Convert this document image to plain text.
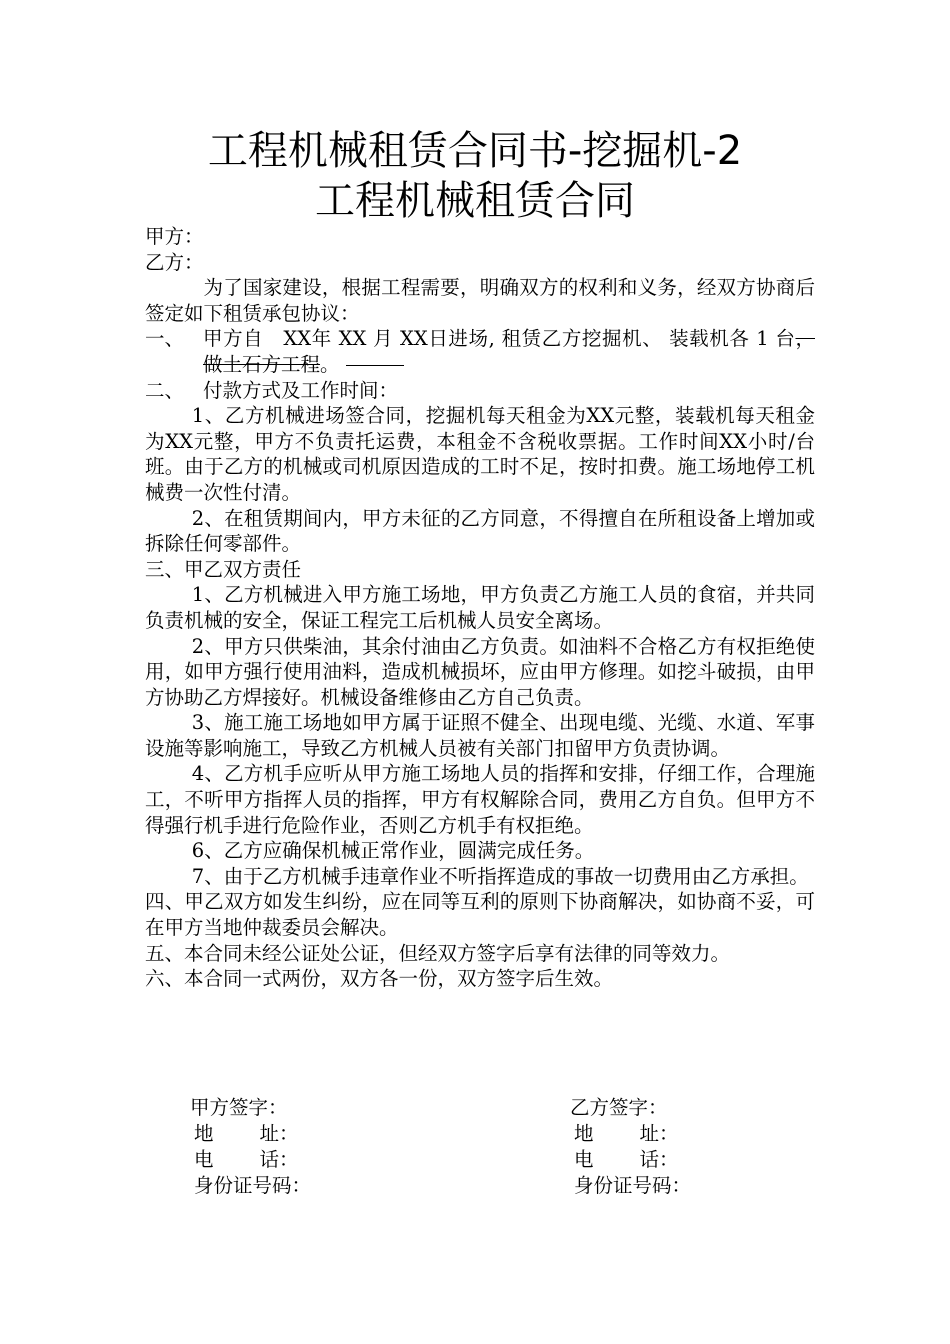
工程机械租赁合同书-挖掘机-2
工程机械租赁合同

甲方：

乙方：

为了国家建设，根据工程需要，明确双方的权利和义务，经双方协商后签定如下租赁承包协议：

一、 甲方自　XX年 XX 月 XX日进场, 租赁乙方挖掘机、 装载机各 1 台，做土石方工程。
二、 付款方式及工作时间：

1、乙方机械进场签合同，挖掘机每天租金为XX元整，装载机每天租金为XX元整，甲方不负责托运费，本租金不含税收票据。工作时间XX小时/台班。由于乙方的机械或司机原因造成的工时不足，按时扣费。施工场地停工机械费一次性付清。

2、在租赁期间内，甲方未征的乙方同意，不得擅自在所租设备上增加或拆除任何零部件。

三、甲乙双方责任

1、乙方机械进入甲方施工场地，甲方负责乙方施工人员的食宿，并共同负责机械的安全，保证工程完工后机械人员安全离场。

2、甲方只供柴油，其余付油由乙方负责。如油料不合格乙方有权拒绝使用，如甲方强行使用油料，造成机械损坏，应由甲方修理。如挖斗破损，由甲方协助乙方焊接好。机械设备维修由乙方自己负责。

3、施工施工场地如甲方属于证照不健全、出现电缆、光缆、水道、军事设施等影响施工，导致乙方机械人员被有关部门扣留甲方负责协调。

4、乙方机手应听从甲方施工场地人员的指挥和安排，仔细工作，合理施工，不听甲方指挥人员的指挥，甲方有权解除合同，费用乙方自负。但甲方不得强行机手进行危险作业，否则乙方机手有权拒绝。

6、乙方应确保机械正常作业，圆满完成任务。

7、由于乙方机械手违章作业不听指挥造成的事故一切费用由乙方承担。

四、甲乙双方如发生纠纷，应在同等互利的原则下协商解决，如协商不妥，可在甲方当地仲裁委员会解决。

五、本合同未经公证处公证，但经双方签字后享有法律的同等效力。

六、本合同一式两份，双方各一份，双方签字后生效。

甲方签字：
地 址：
电 话：
身份证号码：
乙方签字：
地 址：
电 话：
身份证号码：
